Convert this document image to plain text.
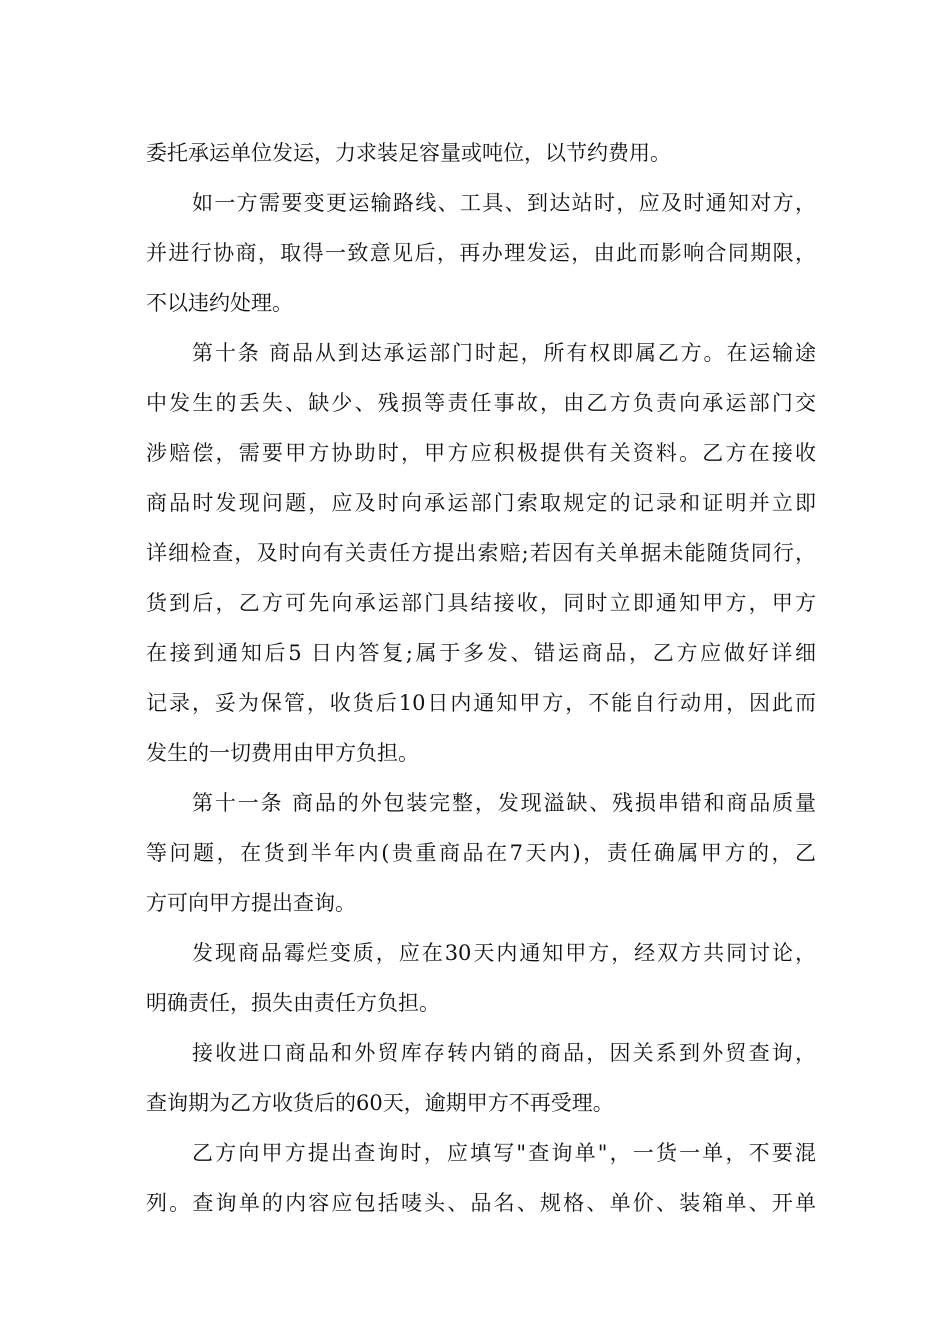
委托承运单位发运，力求装足容量或吨位，以节约费用。
如一方需要变更运输路线、工具、到达站时，应及时通知对方，
并进行协商，取得一致意见后，再办理发运，由此而影响合同期限，
不以违约处理。
第十条 商品从到达承运部门时起，所有权即属乙方。在运输途
中发生的丢失、缺少、残损等责任事故，由乙方负责向承运部门交
涉赔偿，需要甲方协助时，甲方应积极提供有关资料。乙方在接收
商品时发现问题，应及时向承运部门索取规定的记录和证明并立即
详细检查，及时向有关责任方提出索赔;若因有关单据未能随货同行，
货到后，乙方可先向承运部门具结接收，同时立即通知甲方，甲方
在接到通知后5 日内答复;属于多发、错运商品，乙方应做好详细
记录，妥为保管，收货后10日内通知甲方，不能自行动用，因此而
发生的一切费用由甲方负担。
第十一条 商品的外包装完整，发现溢缺、残损串错和商品质量
等问题，在货到半年内(贵重商品在7天内)，责任确属甲方的，乙
方可向甲方提出查询。
发现商品霉烂变质，应在30天内通知甲方，经双方共同讨论，
明确责任，损失由责任方负担。
接收进口商品和外贸库存转内销的商品，因关系到外贸查询，
查询期为乙方收货后的60天，逾期甲方不再受理。
乙方向甲方提出查询时，应填写"查询单"，一货一单，不要混
列。查询单的内容应包括唛头、品名、规格、单价、装箱单、开单
